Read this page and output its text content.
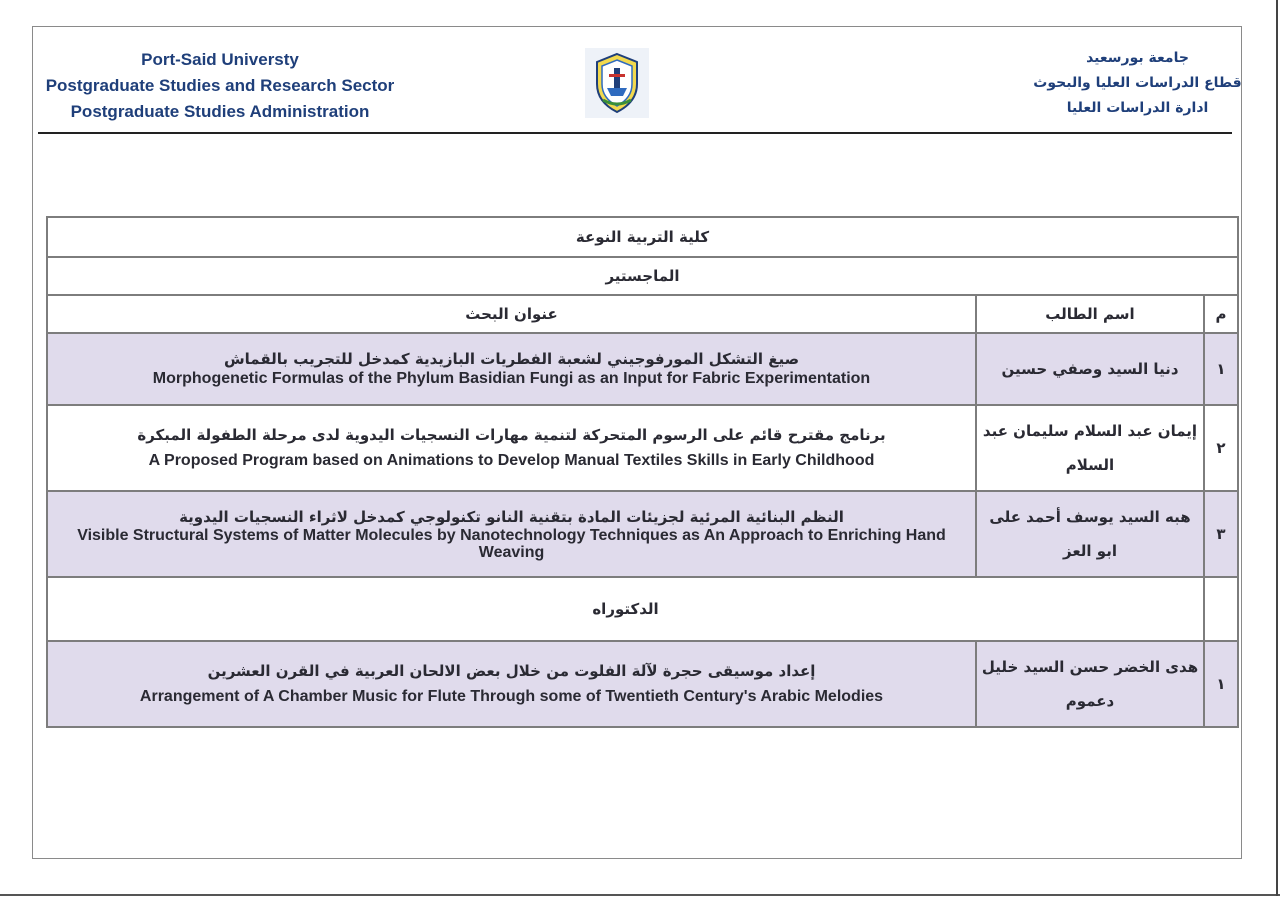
Port-Said Universty
Postgraduate Studies and Research Sector
Postgraduate Studies Administration
جامعة بورسعيد
قطاع الدراسات العليا والبحوث
ادارة الدراسات العليا
كلية التربية النوعة		
الماجستير		
عنوان البحث	اسم الطالب	م

صيغ التشكل المورفوجيني لشعبة الفطريات البازيدية كمدخل للتجريب بالقماش
Morphogenetic Formulas of the Phylum Basidian Fungi as an Input for Fabric Experimentation	دنيا السيد وصفي حسين	١

برنامج مقترح قائم على الرسوم المتحركة لتنمية مهارات النسجيات اليدوية لدى مرحلة الطفولة المبكرة
A Proposed Program based on Animations to Develop Manual Textiles Skills in Early Childhood	إيمان عبد السلام سليمان عبد السلام	٢

النظم البنائية المرئية لجزيئات المادة بتقنية النانو تكنولوجي كمدخل لاثراء النسجيات اليدوية
Visible Structural Systems of Matter Molecules by Nanotechnology Techniques as An Approach to Enriching Hand Weaving	هبه السيد يوسف أحمد على ابو العز	٣
الدكتوراه		

إعداد موسيقى حجرة لآلة الفلوت من خلال بعض الالحان العربية في القرن العشرين
Arrangement of A Chamber Music for Flute Through some of Twentieth Century's Arabic Melodies	هدى الخضر حسن السيد خليل دعموم	١
